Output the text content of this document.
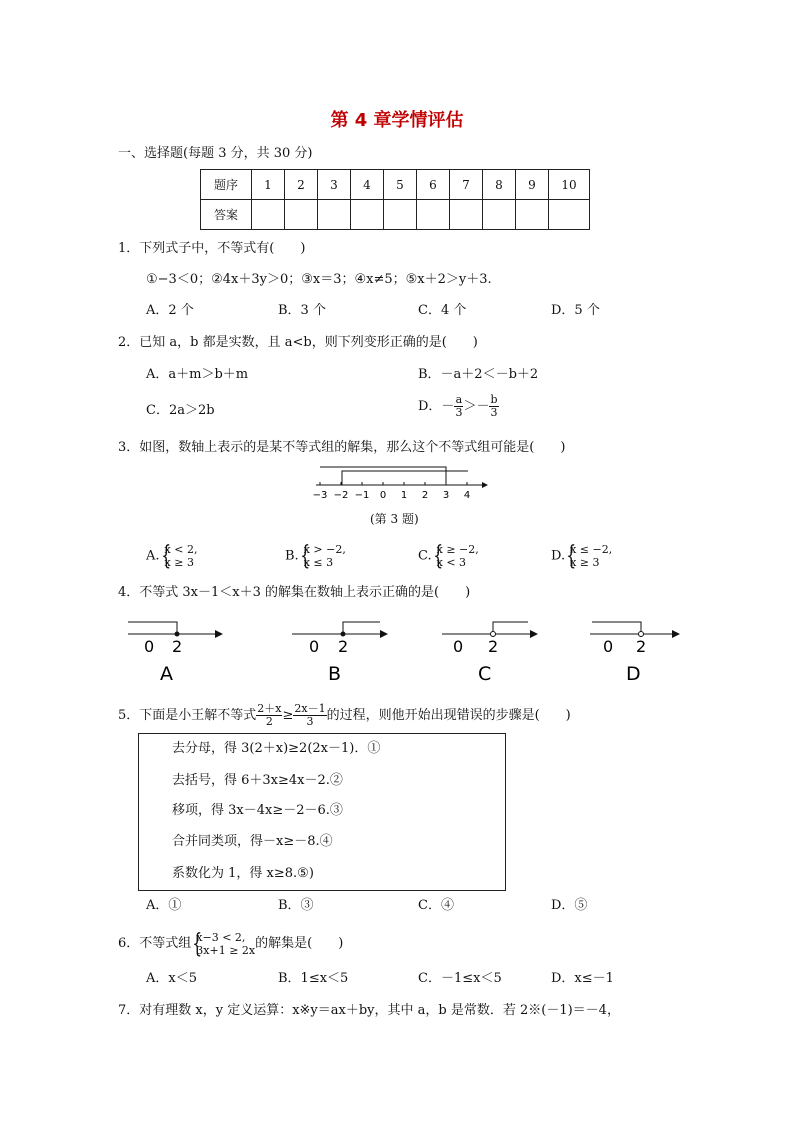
第 4 章学情评估
一、选择题(每题 3 分，共 30 分)
题序	1	2	3	4	5	6	7	8	9	10
答案										
1．下列式子中，不等式有(　　)
①−3＜0；②4x＋3y＞0；③x＝3；④x≠5；⑤x＋2＞y＋3.
A．2 个	B．3 个	C．4 个	D．5 个
2．已知 a，b 都是实数，且 a<b，则下列变形正确的是(　　)
A．a＋m＞b＋m	B．－a＋2＜－b＋2
C．2a＞2b	D．－ $\frac{a}{3} >- \frac{b}{3}$
3．如图，数轴上表示的是某不等式组的解集，那么这个不等式组可能是(　　)
−3 −2 −1 0 1 2 3 4
(第 3 题)
A. { x < 2,
x ≥ 3	B. { x > −2,
x ≤ 3	C. { x ≥ −2,
x < 3	D. { x ≤ −2,
x ≥ 3
4．不等式 3x－1＜x＋3 的解集在数轴上表示正确的是(　　)
0 2
A
0 2
B
0 2
C
0 2
D
5．下面是小王解不等式 $\frac{2+x}{2} \ge \frac{2x-1}{3}$ 的过程，则他开始出现错误的步骤是(　　)
去分母，得 3(2＋x)≥2(2x－1)．①
去括号，得 6＋3x≥4x－2.②
移项，得 3x－4x≥－2－6.③
合并同类项，得－x≥－8.④
系数化为 1，得 x≥8.⑤)
A．①	B．③	C．④	D．⑤
6．不等式组 { x−3 < 2,
3x+1 ≥ 2x 的解集是(　　)
A．x＜5	B．1≤x＜5	C．－1≤x＜5	D．x≤－1
7．对有理数 x，y 定义运算：x※y＝ax＋by，其中 a，b 是常数．若 2※(－1)＝－4，
